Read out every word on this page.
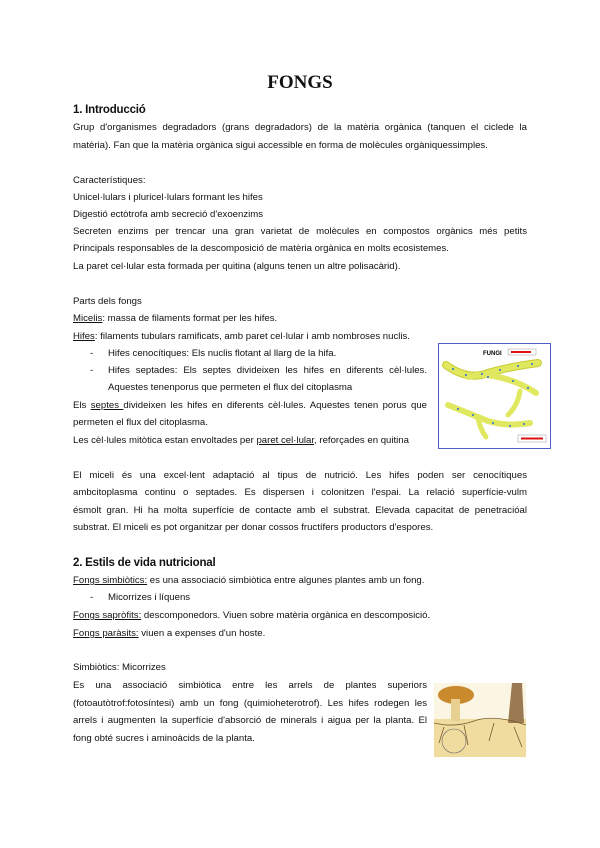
FONGS
1. Introducció
2. Estils de vida nutricional
Grup d'organismes degradadors (grans degradadors) de la matèria orgànica (tanquen el ciclede la
matèria). Fan que la matèria orgànica sigui accessible en forma de molècules orgàniquessimples.
Característiques:
Unicel·lulars i pluricel·lulars formant les hifes
Digestió ectòtrofa amb secreció d'exoenzims
Secreten enzims per trencar una gran varietat de molècules en compostos orgànics més petits
Principals responsables de la descomposició de matèria orgànica en molts ecosistemes.
La paret cel·lular esta formada per quitina (alguns tenen un altre polisacàrid).
Parts dels fongs
Micelis: massa de filaments format per les hifes.
Hifes: filaments tubulars ramificats, amb paret cel·lular i amb nombroses nuclis.
Hifes cenocítiques: Els nuclis flotant al llarg de la hifa.
-
Hifes septades: Els septes divideixen les hifes en diferents cèl·lules.
-
Aquestes tenenporus que permeten el flux del citoplasma
Els septes divideixen les hifes en diferents cèl·lules. Aquestes tenen porus que
permeten el flux del citoplasma.
Les cèl·lules mitòtica estan envoltades per paret cel·lular, reforçades en quitina
El miceli és una excel·lent adaptació al tipus de nutrició. Les hifes poden ser cenocítiques
ambcitoplasma continu o septades. Es dispersen i colonitzen l'espai. La relació superfície-vulm
ésmolt gran. Hi ha molta superfície de contacte amb el substrat. Elevada capacitat de penetracióal
substrat. El miceli es pot organitzar per donar cossos fructífers productors d'espores.
Fongs simbiòtics: es una associació simbiòtica entre algunes plantes amb un fong.
Micorrizes i líquens
-
Fongs sapròfits: descomponedors. Viuen sobre matèria orgànica en descomposició.
Fongs paràsits: viuen a expenses d'un hoste.
Simbiòtics: Micorrizes
Es una associació simbiòtica entre les arrels de plantes superiors
(fotoautòtrof:fotosíntesi) amb un fong (quimioheterotrof). Les hifes rodegen les
arrels i augmenten la superfície d'absorció de minerals i aigua per la planta. El
fong obté sucres i aminoàcids de la planta.
FUNGI
